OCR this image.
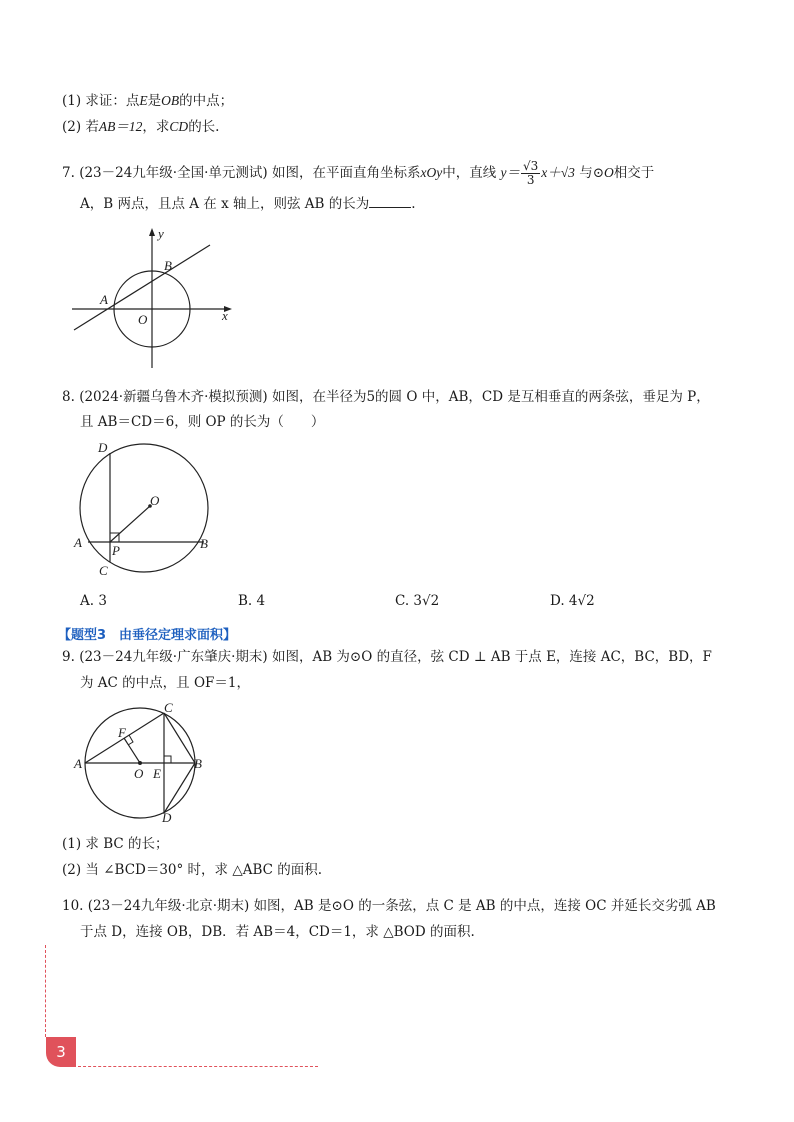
(1) 求证：点E是OB的中点；
(2) 若AB＝12，求CD的长.
7. (23－24九年级·全国·单元测试) 如图，在平面直角坐标系xOy中，直线 $y= \frac{√3}{3} x+√3$ 与⊙O相交于
A，B 两点，且点 A 在 x 轴上，则弦 AB 的长为	.
y
x
A
B
O
8. (2024·新疆乌鲁木齐·模拟预测) 如图，在半径为5的圆 O 中，AB，CD 是互相垂直的两条弦，垂足为 P，
且 AB＝CD＝6，则 OP 的长为（　　）
D
O
A	B
P
C
A. 3	B. 4	C. 3√2	D. 4√2
【题型3　由垂径定理求面积】
9. (23－24九年级·广东肇庆·期末) 如图，AB 为⊙O 的直径，弦 CD ⊥ AB 于点 E，连接 AC，BC，BD，F
为 AC 的中点，且 OF＝1，
C
F
A
O E
B
D
(1) 求 BC 的长；
(2) 当 ∠BCD＝30° 时，求 △ABC 的面积.
10. (23－24九年级·北京·期末) 如图，AB 是⊙O 的一条弦，点 C 是 AB 的中点，连接 OC 并延长交劣弧 AB
于点 D，连接 OB，DB．若 AB＝4，CD＝1，求 △BOD 的面积.
3
